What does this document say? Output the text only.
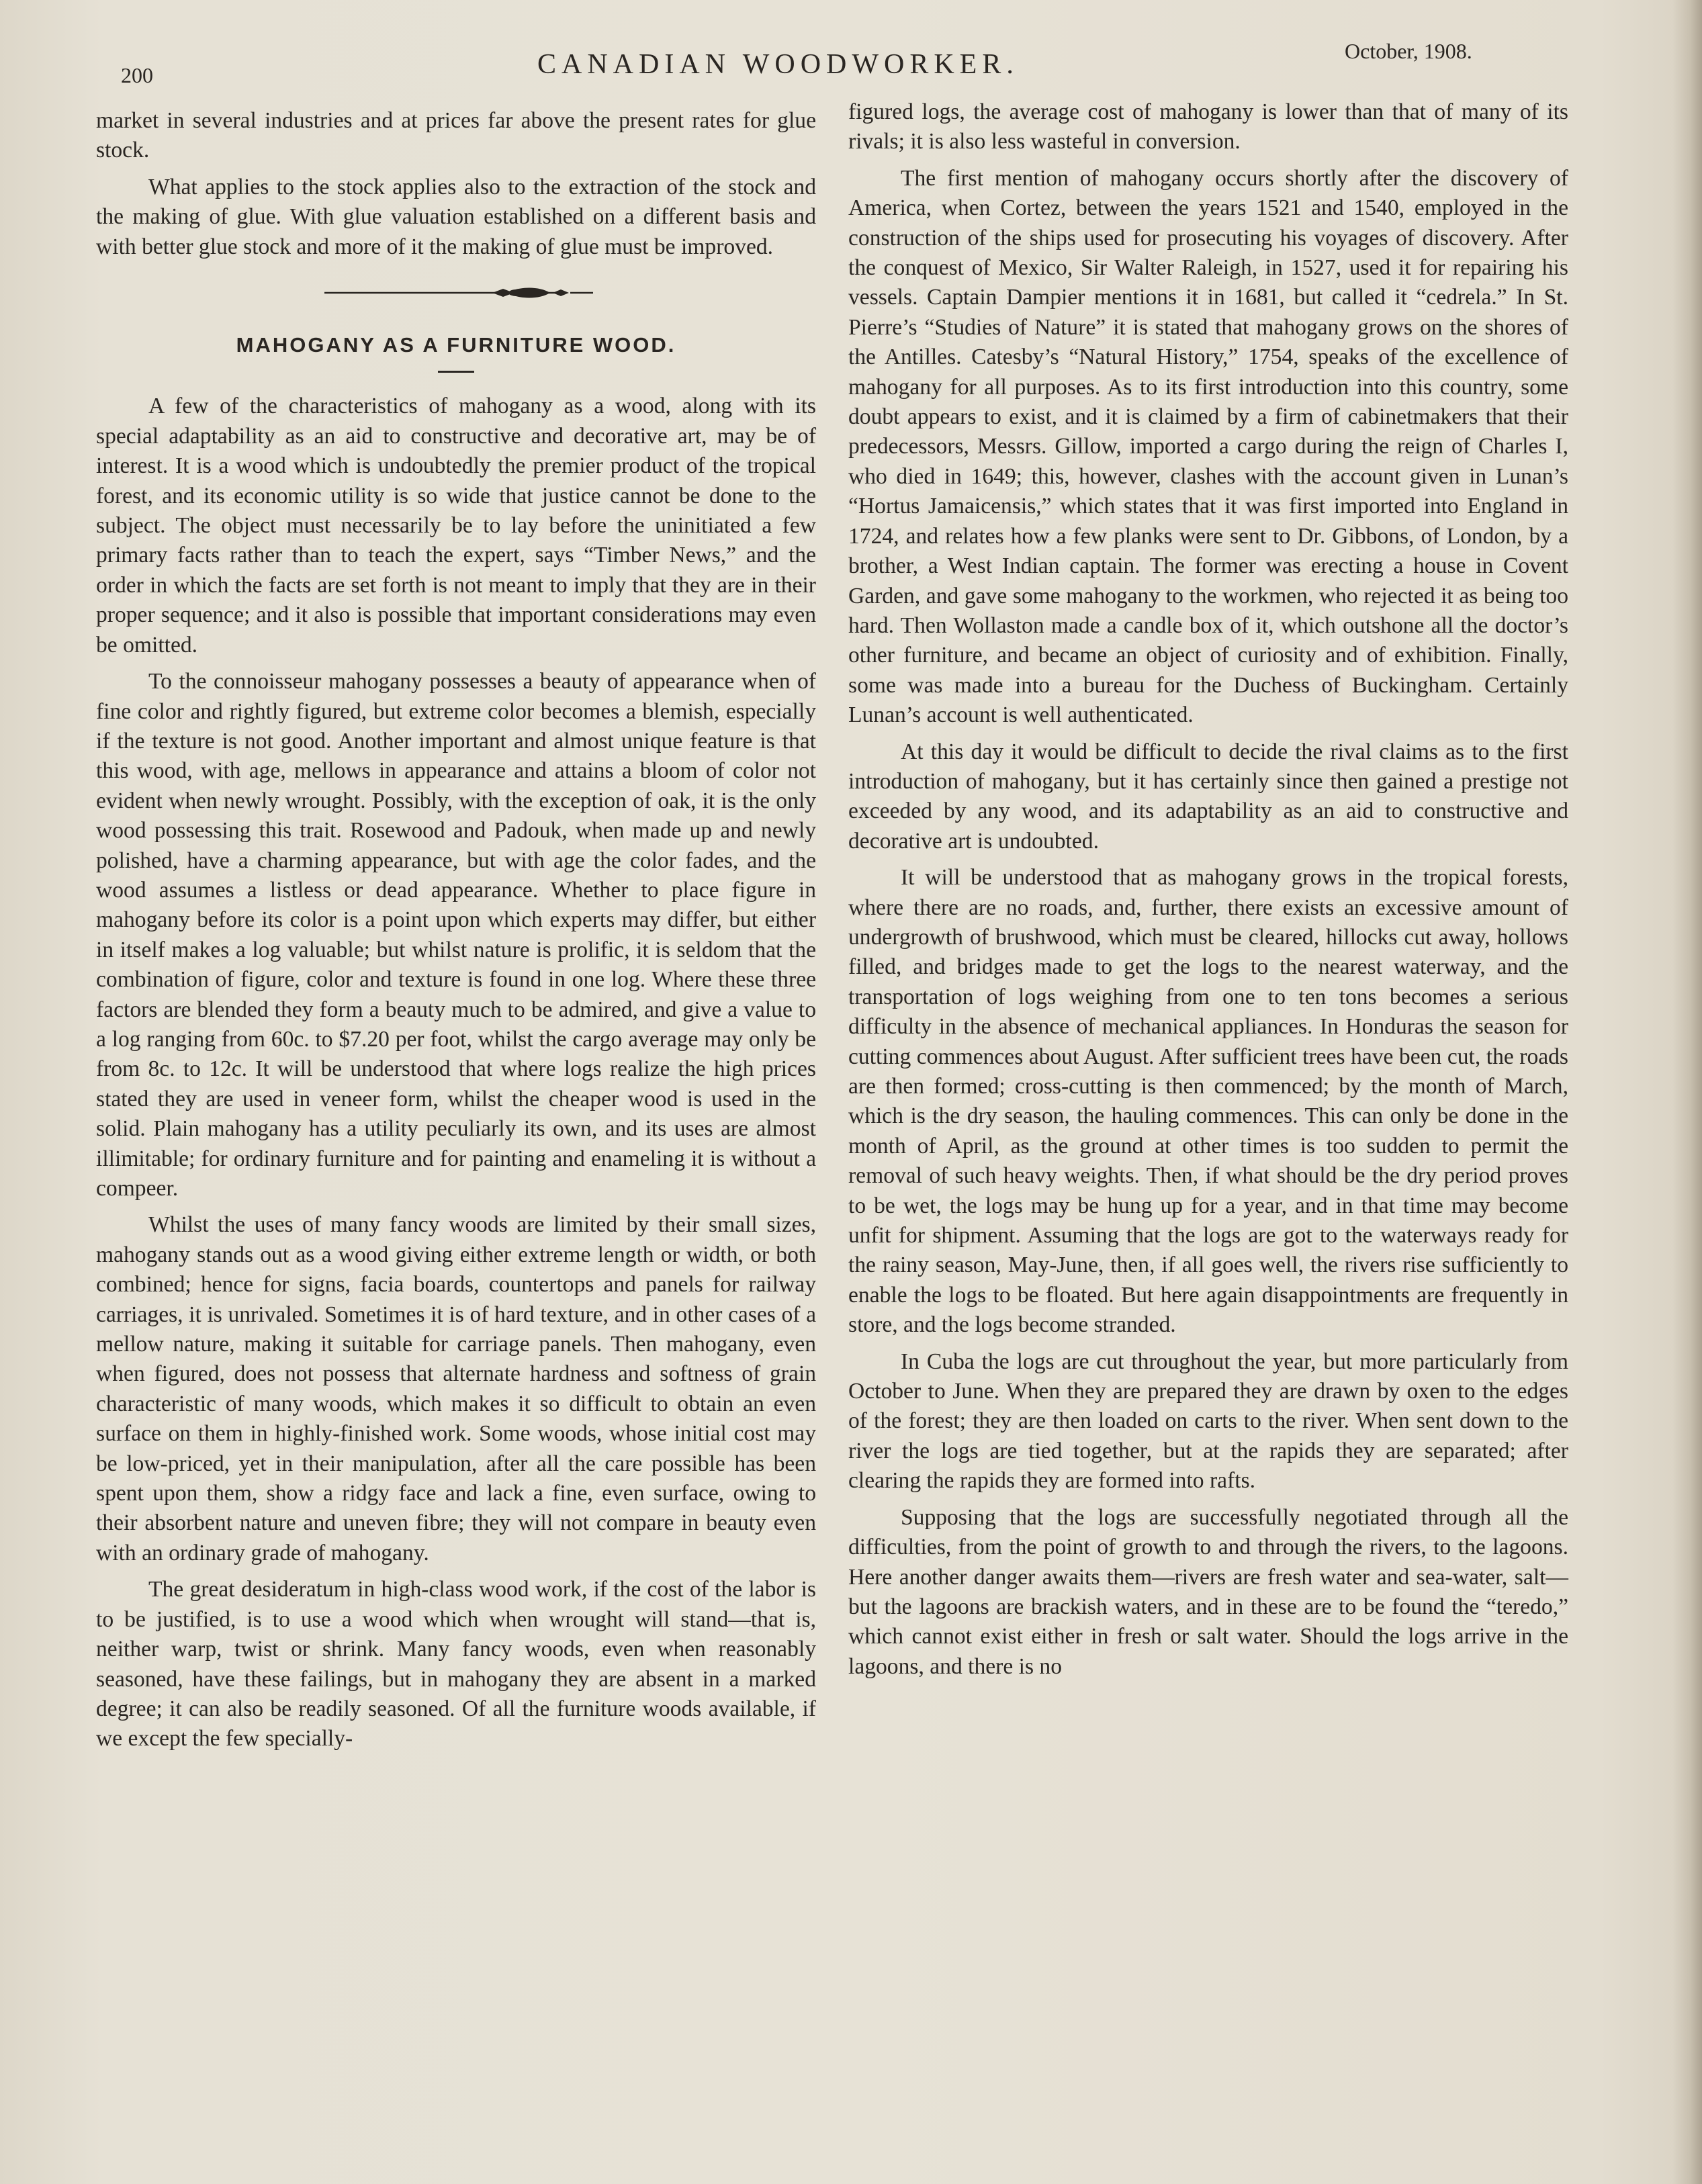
200	CANADIAN WOODWORKER.	October, 1908.

market in several industries and at prices far above the present rates for glue stock.

What applies to the stock applies also to the extraction of the stock and the making of glue. With glue valuation established on a different basis and with better glue stock and more of it the making of glue must be improved.

MAHOGANY AS A FURNITURE WOOD.

A few of the characteristics of mahogany as a wood, along with its special adaptability as an aid to constructive and decorative art, may be of interest. It is a wood which is undoubtedly the premier product of the tropical forest, and its economic utility is so wide that justice cannot be done to the subject. The object must necessarily be to lay before the uninitiated a few primary facts rather than to teach the expert, says “Timber News,” and the order in which the facts are set forth is not meant to imply that they are in their proper sequence; and it also is possible that important considerations may even be omitted.

To the connoisseur mahogany possesses a beauty of appearance when of fine color and rightly figured, but extreme color becomes a blemish, especially if the texture is not good. Another important and almost unique feature is that this wood, with age, mellows in appearance and attains a bloom of color not evident when newly wrought. Possibly, with the exception of oak, it is the only wood possessing this trait. Rosewood and Padouk, when made up and newly polished, have a charming appearance, but with age the color fades, and the wood assumes a listless or dead appearance. Whether to place figure in mahogany before its color is a point upon which experts may differ, but either in itself makes a log valuable; but whilst nature is prolific, it is seldom that the combination of figure, color and texture is found in one log. Where these three factors are blended they form a beauty much to be admired, and give a value to a log ranging from 60c. to $7.20 per foot, whilst the cargo average may only be from 8c. to 12c. It will be understood that where logs realize the high prices stated they are used in veneer form, whilst the cheaper wood is used in the solid. Plain mahogany has a utility peculiarly its own, and its uses are almost illimitable; for ordinary furniture and for painting and enameling it is without a compeer.

Whilst the uses of many fancy woods are limited by their small sizes, mahogany stands out as a wood giving either extreme length or width, or both combined; hence for signs, facia boards, countertops and panels for railway carriages, it is unrivaled. Sometimes it is of hard texture, and in other cases of a mellow nature, making it suitable for carriage panels. Then mahogany, even when figured, does not possess that alternate hardness and softness of grain characteristic of many woods, which makes it so difficult to obtain an even surface on them in highly-finished work. Some woods, whose initial cost may be low-priced, yet in their manipulation, after all the care possible has been spent upon them, show a ridgy face and lack a fine, even surface, owing to their absorbent nature and uneven fibre; they will not compare in beauty even with an ordinary grade of mahogany.

The great desideratum in high-class wood work, if the cost of the labor is to be justified, is to use a wood which when wrought will stand—that is, neither warp, twist or shrink. Many fancy woods, even when reasonably seasoned, have these failings, but in mahogany they are absent in a marked degree; it can also be readily seasoned. Of all the furniture woods available, if we except the few specially-

figured logs, the average cost of mahogany is lower than that of many of its rivals; it is also less wasteful in conversion.

The first mention of mahogany occurs shortly after the discovery of America, when Cortez, between the years 1521 and 1540, employed in the construction of the ships used for prosecuting his voyages of discovery. After the conquest of Mexico, Sir Walter Raleigh, in 1527, used it for repairing his vessels. Captain Dampier mentions it in 1681, but called it “cedrela.” In St. Pierre’s “Studies of Nature” it is stated that mahogany grows on the shores of the Antilles. Catesby’s “Natural History,” 1754, speaks of the excellence of mahogany for all purposes. As to its first introduction into this country, some doubt appears to exist, and it is claimed by a firm of cabinetmakers that their predecessors, Messrs. Gillow, imported a cargo during the reign of Charles I, who died in 1649; this, however, clashes with the account given in Lunan’s “Hortus Jamaicensis,” which states that it was first imported into England in 1724, and relates how a few planks were sent to Dr. Gibbons, of London, by a brother, a West Indian captain. The former was erecting a house in Covent Garden, and gave some mahogany to the workmen, who rejected it as being too hard. Then Wollaston made a candle box of it, which outshone all the doctor’s other furniture, and became an object of curiosity and of exhibition. Finally, some was made into a bureau for the Duchess of Buckingham. Certainly Lunan’s account is well authenticated.

At this day it would be difficult to decide the rival claims as to the first introduction of mahogany, but it has certainly since then gained a prestige not exceeded by any wood, and its adaptability as an aid to constructive and decorative art is undoubted.

It will be understood that as mahogany grows in the tropical forests, where there are no roads, and, further, there exists an excessive amount of undergrowth of brushwood, which must be cleared, hillocks cut away, hollows filled, and bridges made to get the logs to the nearest waterway, and the transportation of logs weighing from one to ten tons becomes a serious difficulty in the absence of mechanical appliances. In Honduras the season for cutting commences about August. After sufficient trees have been cut, the roads are then formed; cross-cutting is then commenced; by the month of March, which is the dry season, the hauling commences. This can only be done in the month of April, as the ground at other times is too sudden to permit the removal of such heavy weights. Then, if what should be the dry period proves to be wet, the logs may be hung up for a year, and in that time may become unfit for shipment. Assuming that the logs are got to the waterways ready for the rainy season, May-June, then, if all goes well, the rivers rise sufficiently to enable the logs to be floated. But here again disappointments are frequently in store, and the logs become stranded.

In Cuba the logs are cut throughout the year, but more particularly from October to June. When they are prepared they are drawn by oxen to the edges of the forest; they are then loaded on carts to the river. When sent down to the river the logs are tied together, but at the rapids they are separated; after clearing the rapids they are formed into rafts.

Supposing that the logs are successfully negotiated through all the difficulties, from the point of growth to and through the rivers, to the lagoons. Here another danger awaits them—rivers are fresh water and sea-water, salt—but the lagoons are brackish waters, and in these are to be found the “teredo,” which cannot exist either in fresh or salt water. Should the logs arrive in the lagoons, and there is no
